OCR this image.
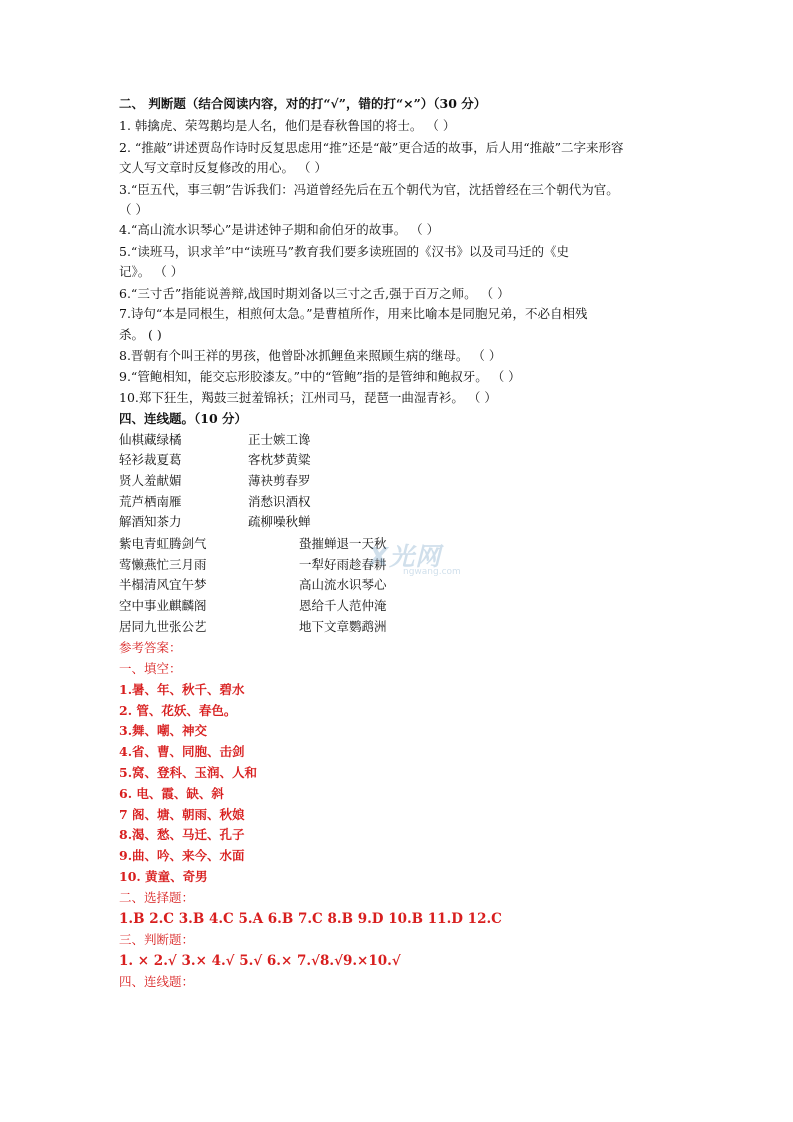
二、 判断题（结合阅读内容，对的打“√”，错的打“×”）（30 分）
1. 韩擒虎、荣驾鹅均是人名，他们是春秋鲁国的将士。 （ ）
2. “推敲”讲述贾岛作诗时反复思虑用“推”还是“敲”更合适的故事，后人用“推敲”二字来形容
文人写文章时反复修改的用心。 （ ）
3.“臣五代，事三朝”告诉我们：冯道曾经先后在五个朝代为官，沈括曾经在三个朝代为官。
（ ）
4.“高山流水识琴心”是讲述钟子期和俞伯牙的故事。 （ ）
5.“读班马，识求羊”中“读班马”教育我们要多读班固的《汉书》以及司马迁的《史
记》。 （ ）
6.“三寸舌”指能说善辩,战国时期刘备以三寸之舌,强于百万之师。 （ ）
7.诗句“本是同根生，相煎何太急。”是曹植所作，用来比喻本是同胞兄弟，不必自相残
杀。 ( )
8.晋朝有个叫王祥的男孩，他曾卧冰抓鲤鱼来照顾生病的继母。 （ ）
9.“管鲍相知，能交忘形胶漆友。”中的“管鲍”指的是管绅和鲍叔牙。 （ ）
10.郑下狂生，羯鼓三挝羞锦袄；江州司马，琵琶一曲湿青衫。 （ ）
四、连线题。（10 分）
仙棋藏绿橘	正士嫉工谗
轻衫裁夏葛	客枕梦黄粱
贤人羞献媚	薄袂剪春罗
荒芦栖南雁	消愁识酒权
解酒知茶力	疏柳噪秋蝉
紫电青虹腾剑气	蛩摧蝉退一天秋
莺懒燕忙三月雨	一犁好雨趁春耕
半榻清风宜午梦	高山流水识琴心
空中事业麒麟阁	恩给千人范仲淹
居同九世张公艺	地下文章鹦鹉洲
参考答案：
一、填空：
1.暑、年、秋千、碧水
2. 管、花妖、春色。
3.舞、嘲、神交
4.省、曹、同胞、击剑
5.窝、登科、玉润、人和
6. 电、霞、缺、斜
7 阁、塘、朝雨、秋娘
8.渴、愁、马迁、孔子
9.曲、吟、来今、水面
10. 黄童、奇男
二、选择题：
1.B 2.C 3.B 4.C 5.A 6.B 7.C 8.B 9.D 10.B 11.D 12.C
三、判断题：
1. × 2.√ 3.× 4.√ 5.√ 6.× 7.√8.√9.×10.√
四、连线题：
X光网
ngwang.com
